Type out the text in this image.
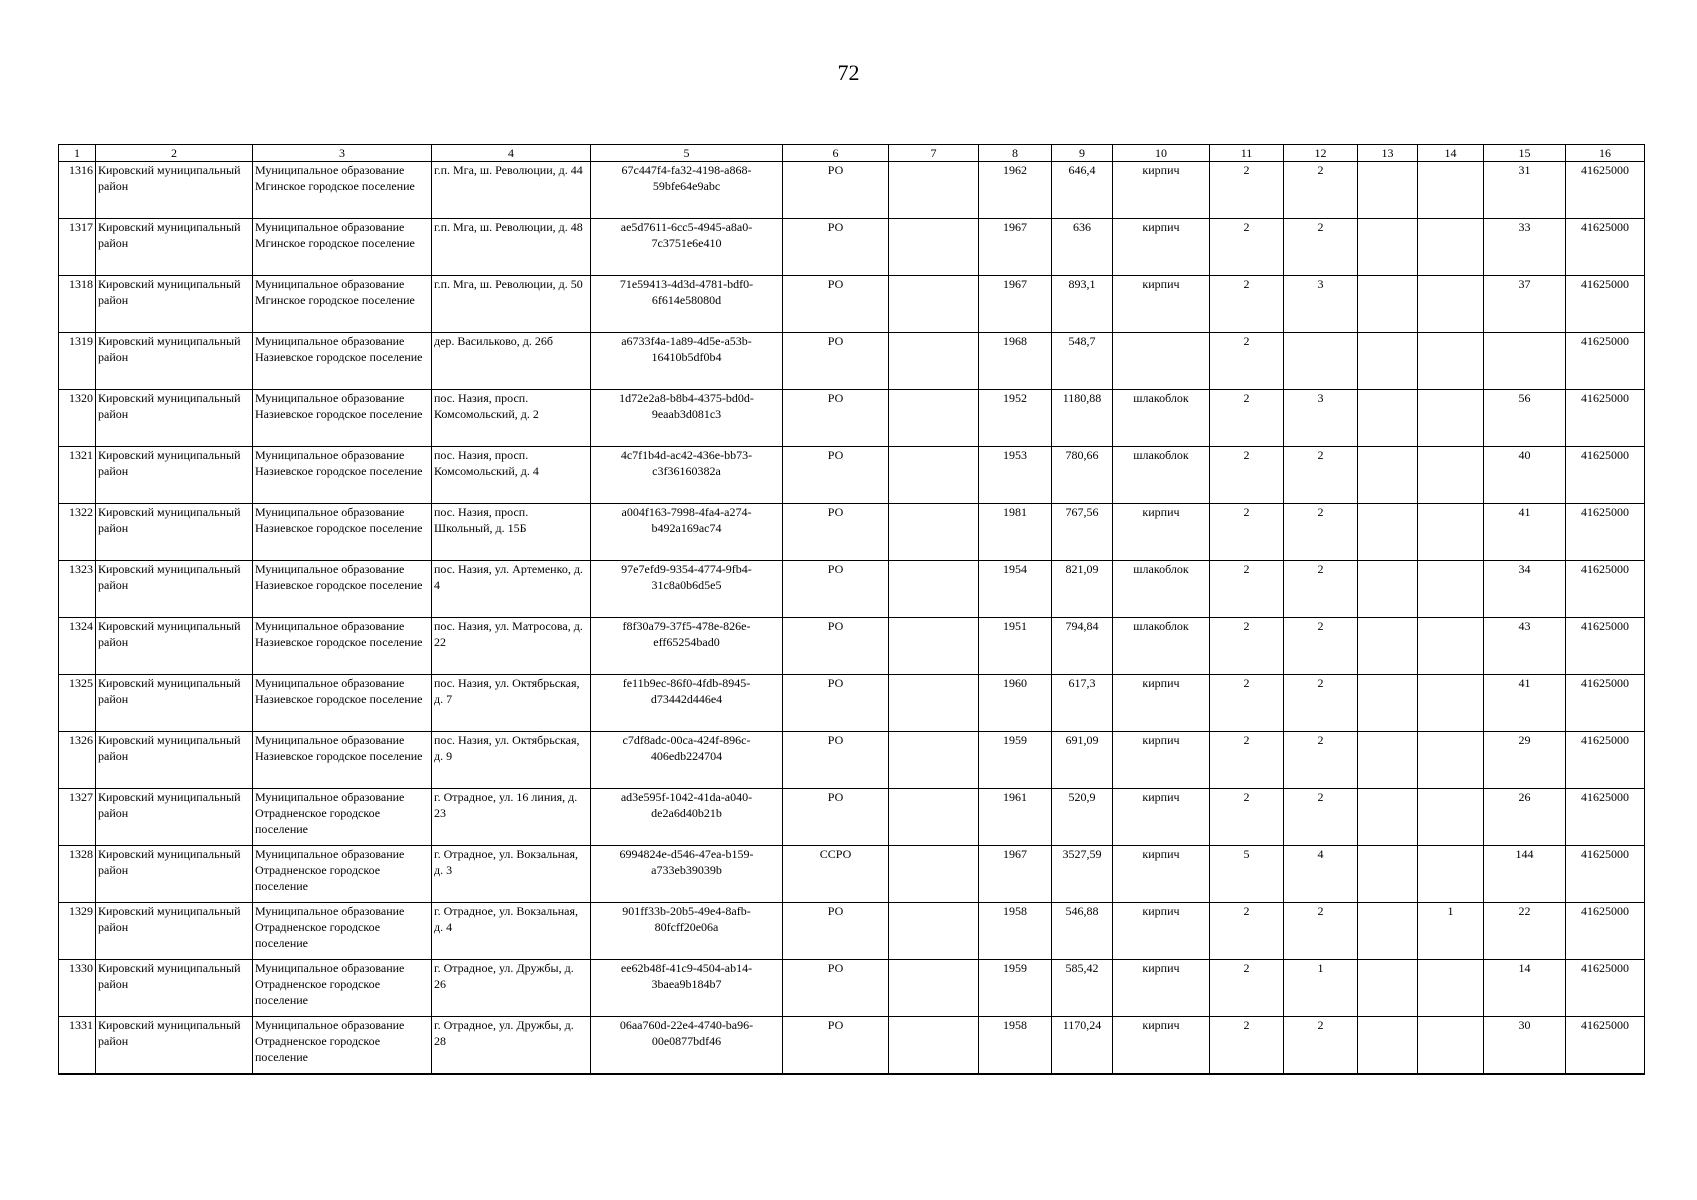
72
1	2	3	4	5	6	7	8	9	10	11	12	13	14	15	16
1316	Кировский муниципальный район	Муниципальное образование Мгинское городское поселение	г.п. Мга, ш. Революции, д. 44	67c447f4-fa32-4198-a868-59bfe64e9abc	РО		1962	646,4	кирпич	2	2			31	41625000
1317	Кировский муниципальный район	Муниципальное образование Мгинское городское поселение	г.п. Мга, ш. Революции, д. 48	ae5d7611-6cc5-4945-a8a0-7c3751e6e410	РО		1967	636	кирпич	2	2			33	41625000
1318	Кировский муниципальный район	Муниципальное образование Мгинское городское поселение	г.п. Мга, ш. Революции, д. 50	71e59413-4d3d-4781-bdf0-6f614e58080d	РО		1967	893,1	кирпич	2	3			37	41625000
1319	Кировский муниципальный район	Муниципальное образование Назиевское городское поселение	дер. Васильково, д. 26б	a6733f4a-1a89-4d5e-a53b-16410b5df0b4	РО		1968	548,7		2					41625000
1320	Кировский муниципальный район	Муниципальное образование Назиевское городское поселение	пос. Назия, просп. Комсомольский, д. 2	1d72e2a8-b8b4-4375-bd0d-9eaab3d081c3	РО		1952	1180,88	шлакоблок	2	3			56	41625000
1321	Кировский муниципальный район	Муниципальное образование Назиевское городское поселение	пос. Назия, просп. Комсомольский, д. 4	4c7f1b4d-ac42-436e-bb73-c3f36160382a	РО		1953	780,66	шлакоблок	2	2			40	41625000
1322	Кировский муниципальный район	Муниципальное образование Назиевское городское поселение	пос. Назия, просп. Школьный, д. 15Б	a004f163-7998-4fa4-a274-b492a169ac74	РО		1981	767,56	кирпич	2	2			41	41625000
1323	Кировский муниципальный район	Муниципальное образование Назиевское городское поселение	пос. Назия, ул. Артеменко, д. 4	97e7efd9-9354-4774-9fb4-31c8a0b6d5e5	РО		1954	821,09	шлакоблок	2	2			34	41625000
1324	Кировский муниципальный район	Муниципальное образование Назиевское городское поселение	пос. Назия, ул. Матросова, д. 22	f8f30a79-37f5-478e-826e-eff65254bad0	РО		1951	794,84	шлакоблок	2	2			43	41625000
1325	Кировский муниципальный район	Муниципальное образование Назиевское городское поселение	пос. Назия, ул. Октябрьская, д. 7	fe11b9ec-86f0-4fdb-8945-d73442d446e4	РО		1960	617,3	кирпич	2	2			41	41625000
1326	Кировский муниципальный район	Муниципальное образование Назиевское городское поселение	пос. Назия, ул. Октябрьская, д. 9	c7df8adc-00ca-424f-896c-406edb224704	РО		1959	691,09	кирпич	2	2			29	41625000
1327	Кировский муниципальный район	Муниципальное образование Отрадненское городское поселение	г. Отрадное, ул. 16 линия, д. 23	ad3e595f-1042-41da-a040-de2a6d40b21b	РО		1961	520,9	кирпич	2	2			26	41625000
1328	Кировский муниципальный район	Муниципальное образование Отрадненское городское поселение	г. Отрадное, ул. Вокзальная, д. 3	6994824e-d546-47ea-b159-a733eb39039b	ССРО		1967	3527,59	кирпич	5	4			144	41625000
1329	Кировский муниципальный район	Муниципальное образование Отрадненское городское поселение	г. Отрадное, ул. Вокзальная, д. 4	901ff33b-20b5-49e4-8afb-80fcff20e06a	РО		1958	546,88	кирпич	2	2		1	22	41625000
1330	Кировский муниципальный район	Муниципальное образование Отрадненское городское поселение	г. Отрадное, ул. Дружбы, д. 26	ee62b48f-41c9-4504-ab14-3baea9b184b7	РО		1959	585,42	кирпич	2	1			14	41625000
1331	Кировский муниципальный район	Муниципальное образование Отрадненское городское поселение	г. Отрадное, ул. Дружбы, д. 28	06aa760d-22e4-4740-ba96-00e0877bdf46	РО		1958	1170,24	кирпич	2	2			30	41625000
